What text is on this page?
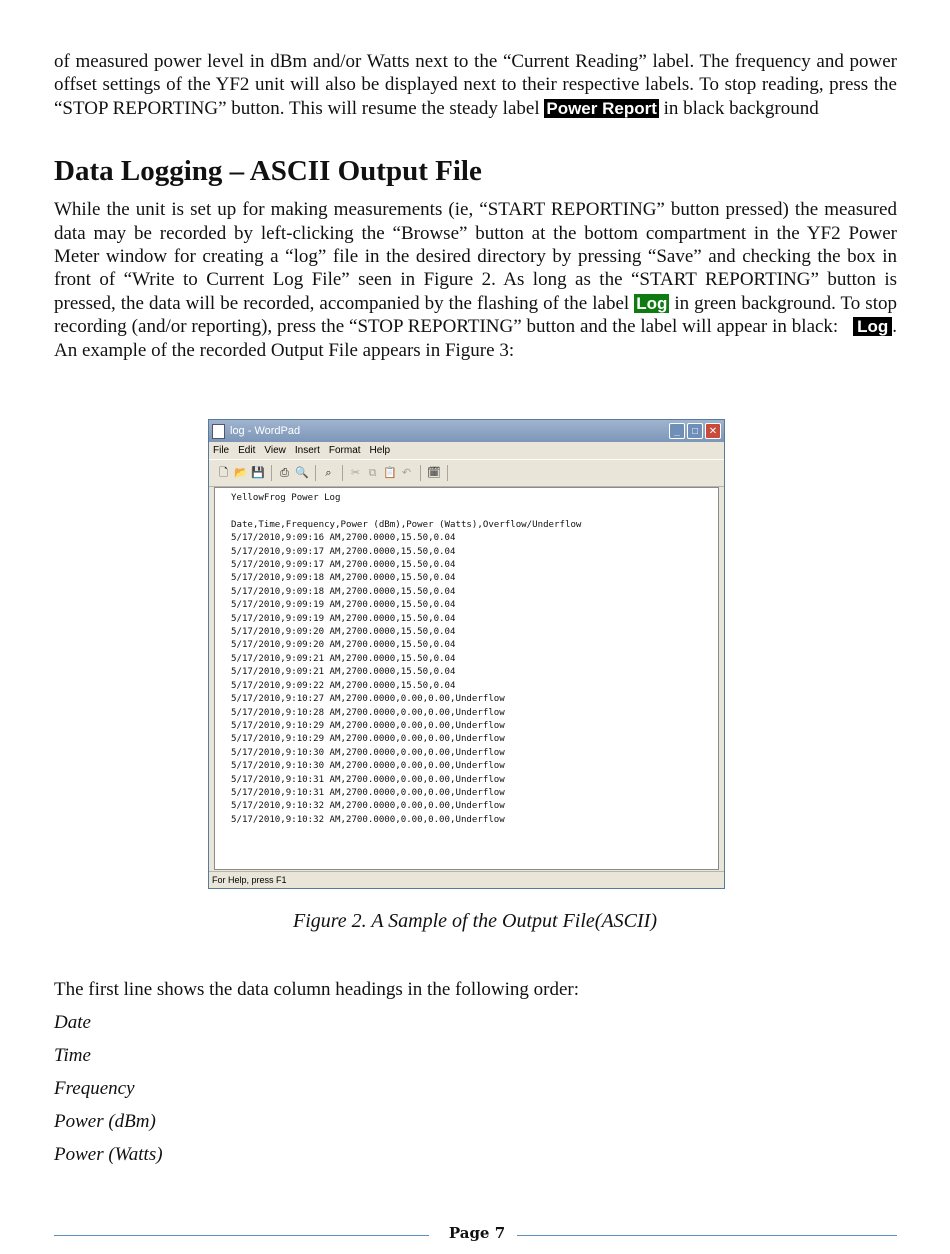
of measured power level in dBm and/or Watts next to the “Current Reading” label. The frequency and power offset settings of the YF2 unit will also be displayed next to their respective labels. To stop reading, press the “STOP REPORTING” button. This will resume the steady label Power Report in black background

Data Logging – ASCII Output File

While the unit is set up for making measurements (ie, “START REPORTING” button pressed) the measured data may be recorded by left-clicking the “Browse” button at the bottom compartment in the YF2 Power Meter window for creating a “log” file in the desired directory by pressing “Save” and checking the box in front of “Write to Current Log File” seen in Figure 2. As long as the “START REPORTING” button is pressed, the data will be recorded, accompanied by the flashing of the label Log in green background. To stop recording (and/or reporting), press the “STOP REPORTING” button and the label will appear in black: Log . An example of the recorded Output File appears in Figure 3:

log - WordPad	_	□	✕
File Edit View Insert Format Help
🗋 📂 💾 ⎙ 🔍	⌕	✂ ⧉ 📋 ↶ 🗓
YellowFrog Power Log

Date,Time,Frequency,Power (dBm),Power (Watts),Overflow/Underflow
5/17/2010,9:09:16 AM,2700.0000,15.50,0.04
5/17/2010,9:09:17 AM,2700.0000,15.50,0.04
5/17/2010,9:09:17 AM,2700.0000,15.50,0.04
5/17/2010,9:09:18 AM,2700.0000,15.50,0.04
5/17/2010,9:09:18 AM,2700.0000,15.50,0.04
5/17/2010,9:09:19 AM,2700.0000,15.50,0.04
5/17/2010,9:09:19 AM,2700.0000,15.50,0.04
5/17/2010,9:09:20 AM,2700.0000,15.50,0.04
5/17/2010,9:09:20 AM,2700.0000,15.50,0.04
5/17/2010,9:09:21 AM,2700.0000,15.50,0.04
5/17/2010,9:09:21 AM,2700.0000,15.50,0.04
5/17/2010,9:09:22 AM,2700.0000,15.50,0.04
5/17/2010,9:10:27 AM,2700.0000,0.00,0.00,Underflow
5/17/2010,9:10:28 AM,2700.0000,0.00,0.00,Underflow
5/17/2010,9:10:29 AM,2700.0000,0.00,0.00,Underflow
5/17/2010,9:10:29 AM,2700.0000,0.00,0.00,Underflow
5/17/2010,9:10:30 AM,2700.0000,0.00,0.00,Underflow
5/17/2010,9:10:30 AM,2700.0000,0.00,0.00,Underflow
5/17/2010,9:10:31 AM,2700.0000,0.00,0.00,Underflow
5/17/2010,9:10:31 AM,2700.0000,0.00,0.00,Underflow
5/17/2010,9:10:32 AM,2700.0000,0.00,0.00,Underflow
5/17/2010,9:10:32 AM,2700.0000,0.00,0.00,Underflow
For Help, press F1
Figure 2. A Sample of the Output File(ASCII)

The first line shows the data column headings in the following order:

Date

Time

Frequency

Power (dBm)

Power (Watts)

Page 7
